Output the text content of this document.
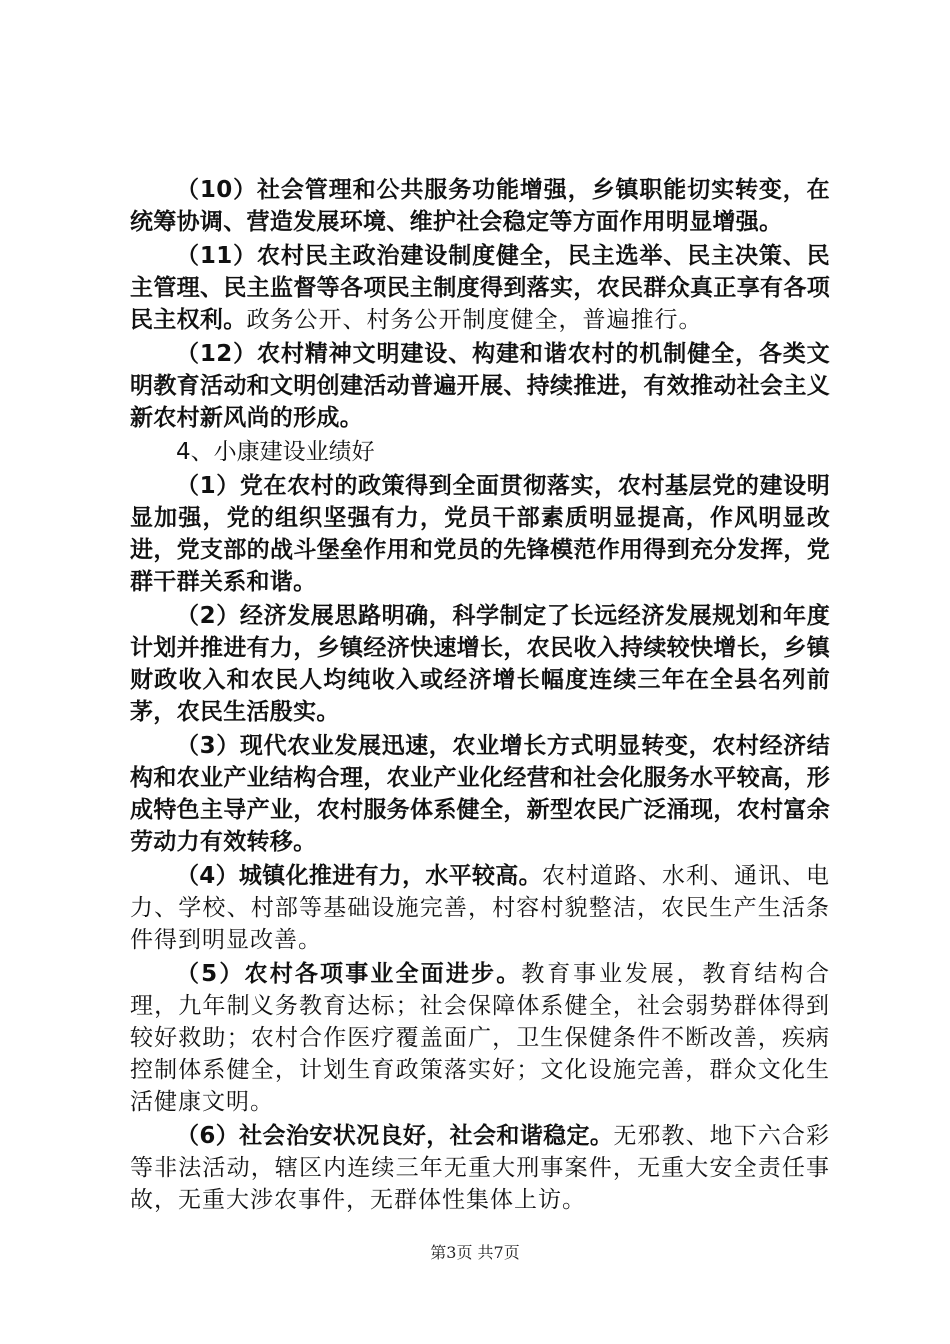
（10）社会管理和公共服务功能增强，乡镇职能切实转变，在统筹协调、营造发展环境、维护社会稳定等方面作用明显增强。

（11）农村民主政治建设制度健全，民主选举、民主决策、民主管理、民主监督等各项民主制度得到落实，农民群众真正享有各项民主权利。政务公开、村务公开制度健全，普遍推行。

（12）农村精神文明建设、构建和谐农村的机制健全，各类文明教育活动和文明创建活动普遍开展、持续推进，有效推动社会主义新农村新风尚的形成。

4、小康建设业绩好

（1）党在农村的政策得到全面贯彻落实，农村基层党的建设明显加强，党的组织坚强有力，党员干部素质明显提高，作风明显改进，党支部的战斗堡垒作用和党员的先锋模范作用得到充分发挥，党群干群关系和谐。

（2）经济发展思路明确，科学制定了长远经济发展规划和年度计划并推进有力，乡镇经济快速增长，农民收入持续较快增长，乡镇财政收入和农民人均纯收入或经济增长幅度连续三年在全县名列前茅，农民生活殷实。

（3）现代农业发展迅速，农业增长方式明显转变，农村经济结构和农业产业结构合理，农业产业化经营和社会化服务水平较高，形成特色主导产业，农村服务体系健全，新型农民广泛涌现，农村富余劳动力有效转移。

（4）城镇化推进有力，水平较高。农村道路、水利、通讯、电力、学校、村部等基础设施完善，村容村貌整洁，农民生产生活条件得到明显改善。

（5）农村各项事业全面进步。教育事业发展，教育结构合理，九年制义务教育达标；社会保障体系健全，社会弱势群体得到较好救助；农村合作医疗覆盖面广，卫生保健条件不断改善，疾病控制体系健全，计划生育政策落实好；文化设施完善，群众文化生活健康文明。

（6）社会治安状况良好，社会和谐稳定。无邪教、地下六合彩等非法活动，辖区内连续三年无重大刑事案件，无重大安全责任事故，无重大涉农事件，无群体性集体上访。

第3页 共7页
